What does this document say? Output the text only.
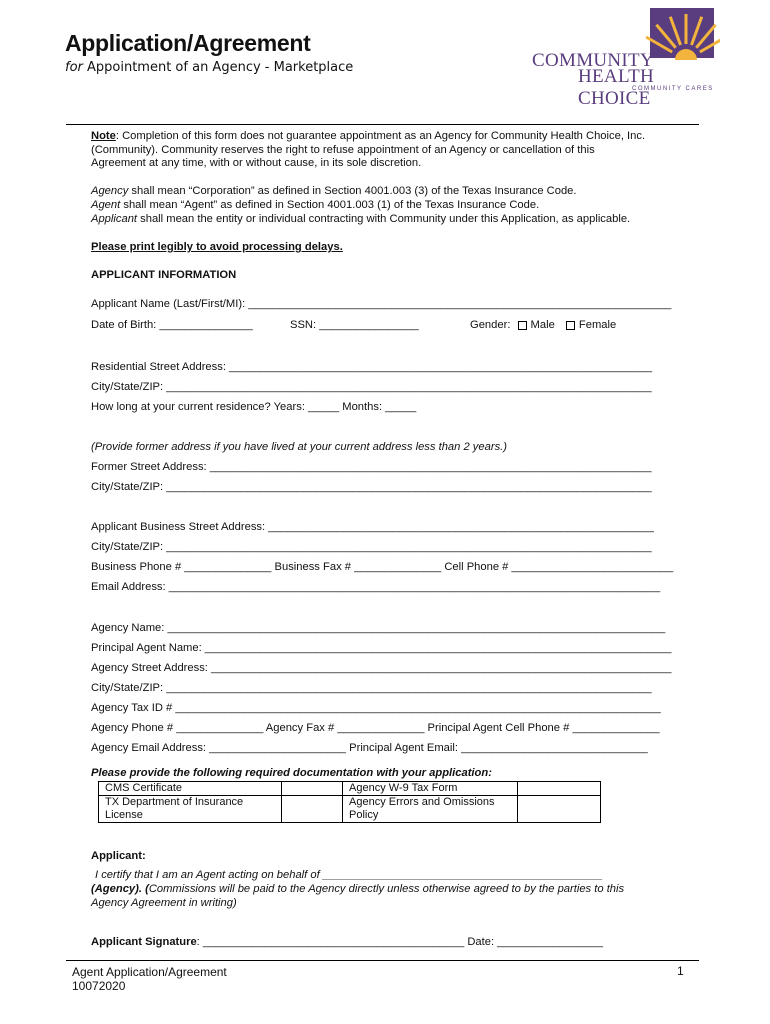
Application/Agreement
for Appointment of an Agency - Marketplace	COMMUNITY
HEALTH CHOICE
COMMUNITY CARES
Note: Completion of this form does not guarantee appointment as an Agency for Community Health Choice, Inc.
(Community). Community reserves the right to refuse appointment of an Agency or cancellation of this
Agreement at any time, with or without cause, in its sole discretion.
Agency shall mean “Corporation” as defined in Section 4001.003 (3) of the Texas Insurance Code.
Agent shall mean “Agent” as defined in Section 4001.003 (1) of the Texas Insurance Code.
Applicant shall mean the entity or individual contracting with Community under this Application, as applicable.
Please print legibly to avoid processing delays.
APPLICANT INFORMATION
Applicant Name (Last/First/MI): ____________________________________________________________________
Date of Birth: _______________	SSN: ________________	Gender: Male Female
Residential Street Address: ____________________________________________________________________
City/State/ZIP: ______________________________________________________________________________
How long at your current residence? Years: _____ Months: _____
(Provide former address if you have lived at your current address less than 2 years.)
Former Street Address: _______________________________________________________________________
City/State/ZIP: ______________________________________________________________________________
Applicant Business Street Address: ______________________________________________________________
City/State/ZIP: ______________________________________________________________________________
Business Phone # ______________ Business Fax # ______________ Cell Phone # __________________________
Email Address: _______________________________________________________________________________
Agency Name: ________________________________________________________________________________
Principal Agent Name: ___________________________________________________________________________
Agency Street Address: __________________________________________________________________________
City/State/ZIP: ______________________________________________________________________________
Agency Tax ID # ______________________________________________________________________________
Agency Phone # ______________ Agency Fax # ______________ Principal Agent Cell Phone # ______________
Agency Email Address: ______________________ Principal Agent Email: ______________________________
Please provide the following required documentation with your application:
CMS Certificate		Agency W-9 Tax Form	
TX Department of Insurance
License		Agency Errors and Omissions
Policy	
Applicant:
I certify that I am an Agent acting on behalf of _____________________________________________
(Agency). (Commissions will be paid to the Agency directly unless otherwise agreed to by the parties to this
Agency Agreement in writing)
Applicant Signature: __________________________________________ Date: _________________
Agent Application/Agreement
10072020
1
